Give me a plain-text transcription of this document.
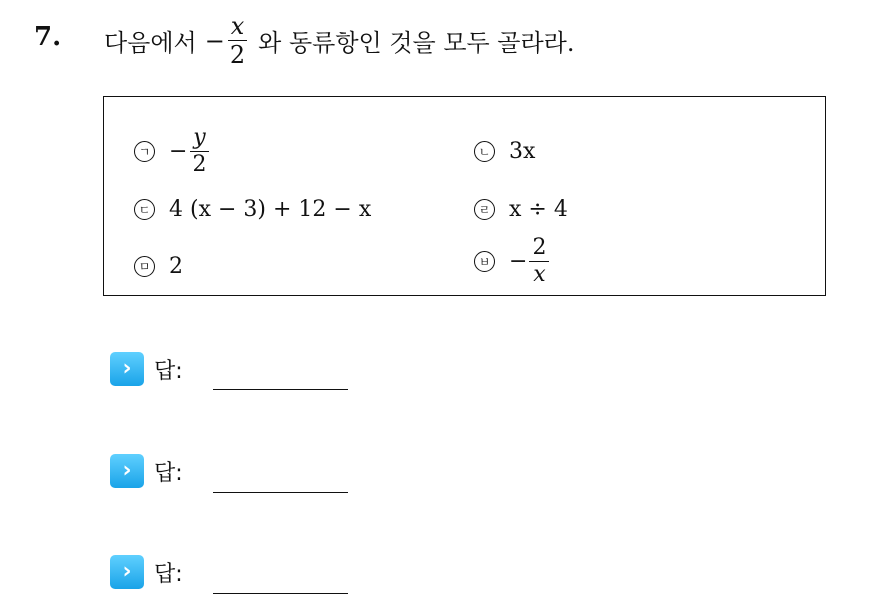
7. 다음에서 − $\frac{x}{2}$ 와 동류항인 것을 모두 골라라.
ㄱ − $\frac{y}{2}$	ㄴ 3x
ㄷ 4 (x − 3) + 12 − x	ㄹ x ÷ 4
ㅁ 2	ㅂ − $\frac{2}{x}$
› 답:
› 답:
› 답:
